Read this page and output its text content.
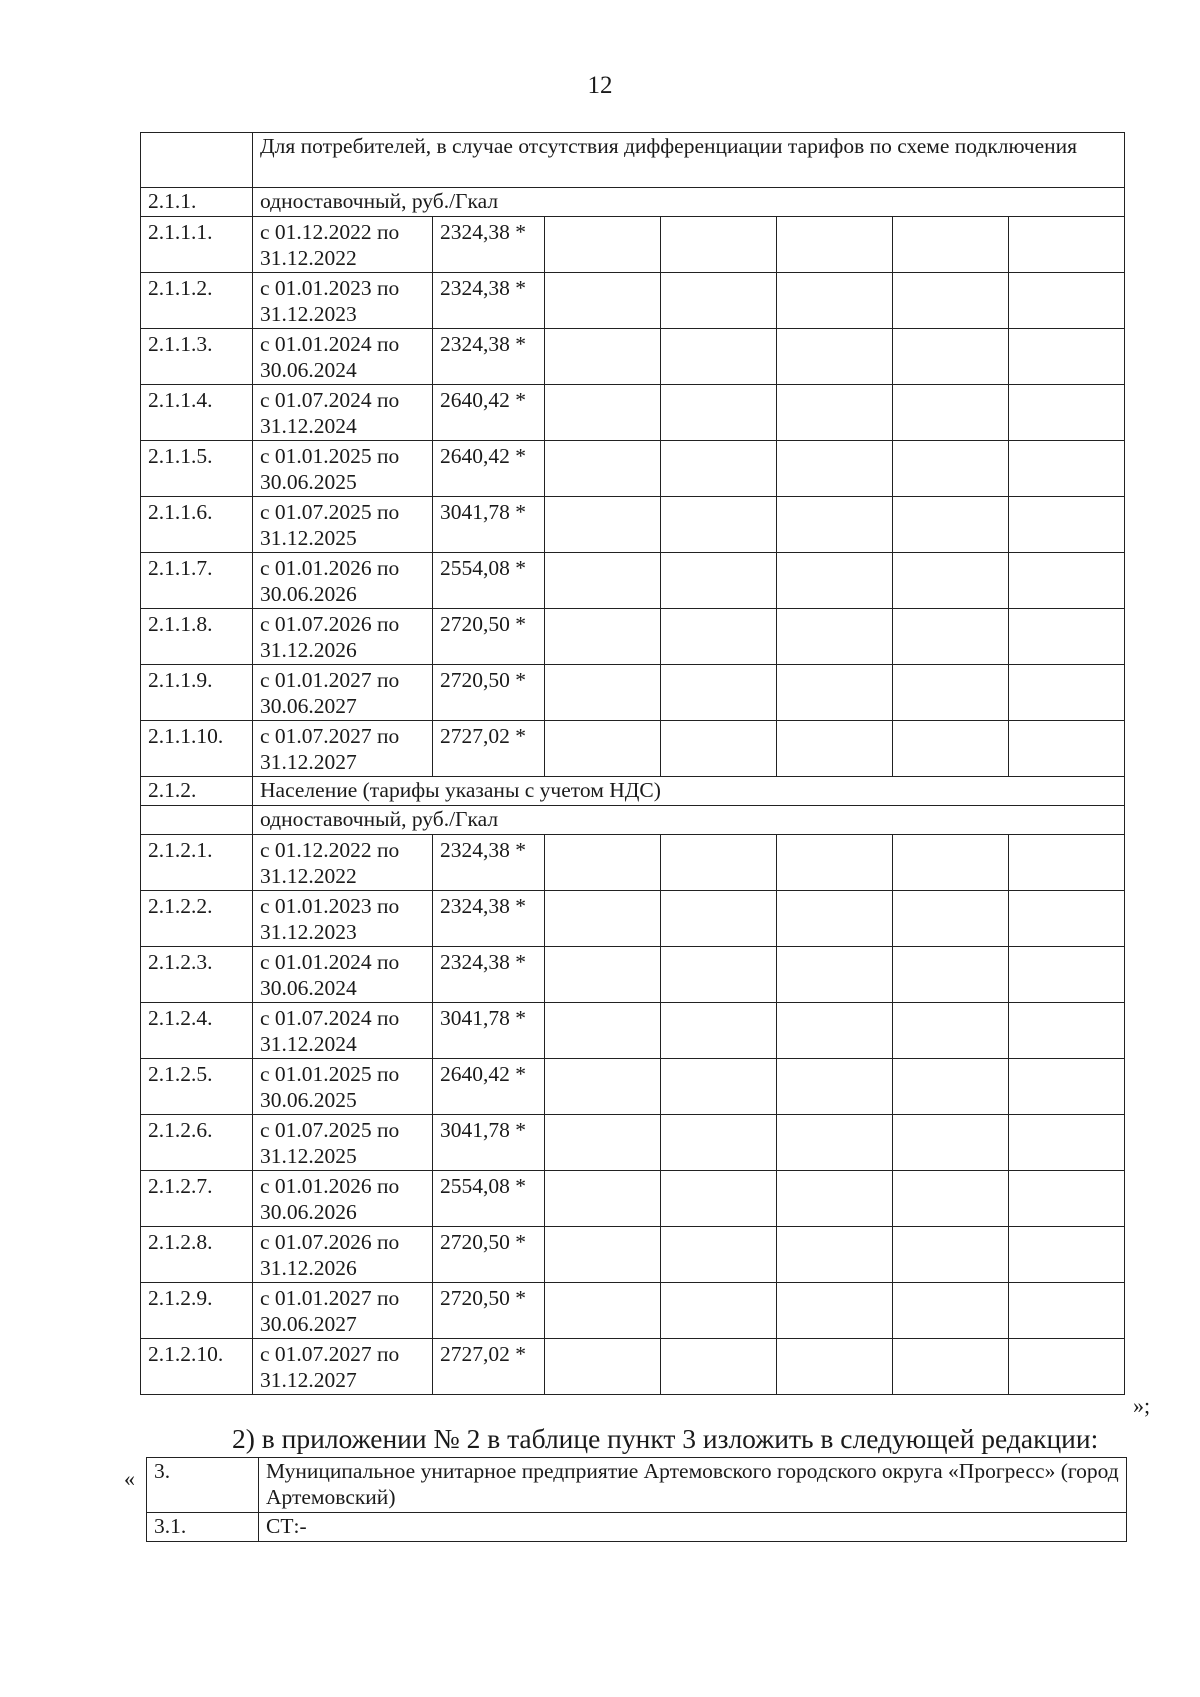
12
	Для потребителей, в случае отсутствия дифференциации тарифов по схеме подключения						
2.1.1.	одноставочный, руб./Гкал						
2.1.1.1.	с 01.12.2022 по 31.12.2022	2324,38 *					
2.1.1.2.	с 01.01.2023 по 31.12.2023	2324,38 *					
2.1.1.3.	с 01.01.2024 по 30.06.2024	2324,38 *					
2.1.1.4.	с 01.07.2024 по 31.12.2024	2640,42 *					
2.1.1.5.	с 01.01.2025 по 30.06.2025	2640,42 *					
2.1.1.6.	с 01.07.2025 по 31.12.2025	3041,78 *					
2.1.1.7.	с 01.01.2026 по 30.06.2026	2554,08 *					
2.1.1.8.	с 01.07.2026 по 31.12.2026	2720,50 *					
2.1.1.9.	с 01.01.2027 по 30.06.2027	2720,50 *					
2.1.1.10.	с 01.07.2027 по 31.12.2027	2727,02 *					
2.1.2.	Население (тарифы указаны с учетом НДС)						
	одноставочный, руб./Гкал						
2.1.2.1.	с 01.12.2022 по 31.12.2022	2324,38 *					
2.1.2.2.	с 01.01.2023 по 31.12.2023	2324,38 *					
2.1.2.3.	с 01.01.2024 по 30.06.2024	2324,38 *					
2.1.2.4.	с 01.07.2024 по 31.12.2024	3041,78 *					
2.1.2.5.	с 01.01.2025 по 30.06.2025	2640,42 *					
2.1.2.6.	с 01.07.2025 по 31.12.2025	3041,78 *					
2.1.2.7.	с 01.01.2026 по 30.06.2026	2554,08 *					
2.1.2.8.	с 01.07.2026 по 31.12.2026	2720,50 *					
2.1.2.9.	с 01.01.2027 по 30.06.2027	2720,50 *					
2.1.2.10.	с 01.07.2027 по 31.12.2027	2727,02 *					
»;
2) в приложении № 2 в таблице пункт 3 изложить в следующей редакции:
« 3.	Муниципальное унитарное предприятие Артемовского городского округа «Прогресс» (город Артемовский)
3.1.	СТ:-
